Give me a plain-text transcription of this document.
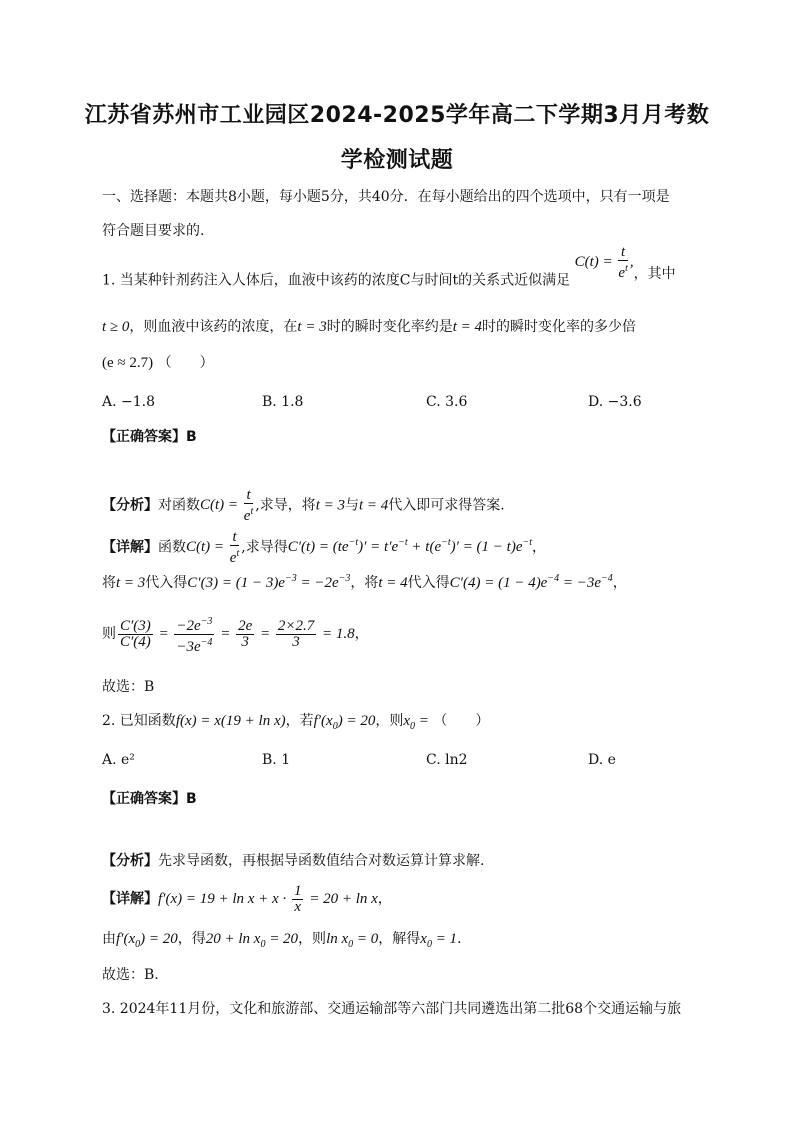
江苏省苏州市工业园区2024-2025学年高二下学期3月月考数
学检测试题
一、选择题：本题共8小题，每小题5分，共40分．在每小题给出的四个选项中，只有一项是
符合题目要求的.
1. 当某种针剂药注入人体后，血液中该药的浓度C与时间t的关系式近似满足 $C(t) = \frac{t}{e^t}$ ,，其中
t ≥ 0，则血液中该药的浓度，在t = 3时的瞬时变化率约是t = 4时的瞬时变化率的多少倍
(e ≈ 2.7) （　　）
A. −1.8	B. 1.8	C. 3.6	D. −3.6
【正确答案】B
【分析】对函数$C(t) = \frac{t}{e^t}$ ,求导，将t = 3与t = 4代入即可求得答案.
【详解】函数$C(t) = \frac{t}{e^t}$ ,求导得$C'(t) = (te^{-t})' = t'e^{-t} + t(e^{-t})' = (1 - t)e^{-t}$，
将t = 3代入得$C'(3) = (1 - 3)e^{-3} = -2e^{-3}$，将t = 4代入得$C'(4) = (1 - 4)e^{-4} = -3e^{-4}$，
则 $\frac{C'(3)}{C'(4)} = \frac{-2e^{-3}}{-3e^{-4}} = \frac{2e}{3} = \frac{2\times 2.7}{3} = 1.8$，
故选：B
2. 已知函数f(x) = x(19 + ln x)，若$f'(x_0) = 20$，则$x_0$ = （　　）
A. e²	B. 1	C. ln2	D. e
【正确答案】B
【分析】先求导函数，再根据导函数值结合对数运算计算求解.
【详解】$f'(x) = 19 + \ln x + x \cdot \frac{1}{x} = 20 + \ln x$，
由$f'(x_0) = 20$，得$20 + \ln x_0 = 20$，则$\ln x_0 = 0$，解得$x_0 = 1$．
故选：B.
3. 2024年11月份，文化和旅游部、交通运输部等六部门共同遴选出第二批68个交通运输与旅
